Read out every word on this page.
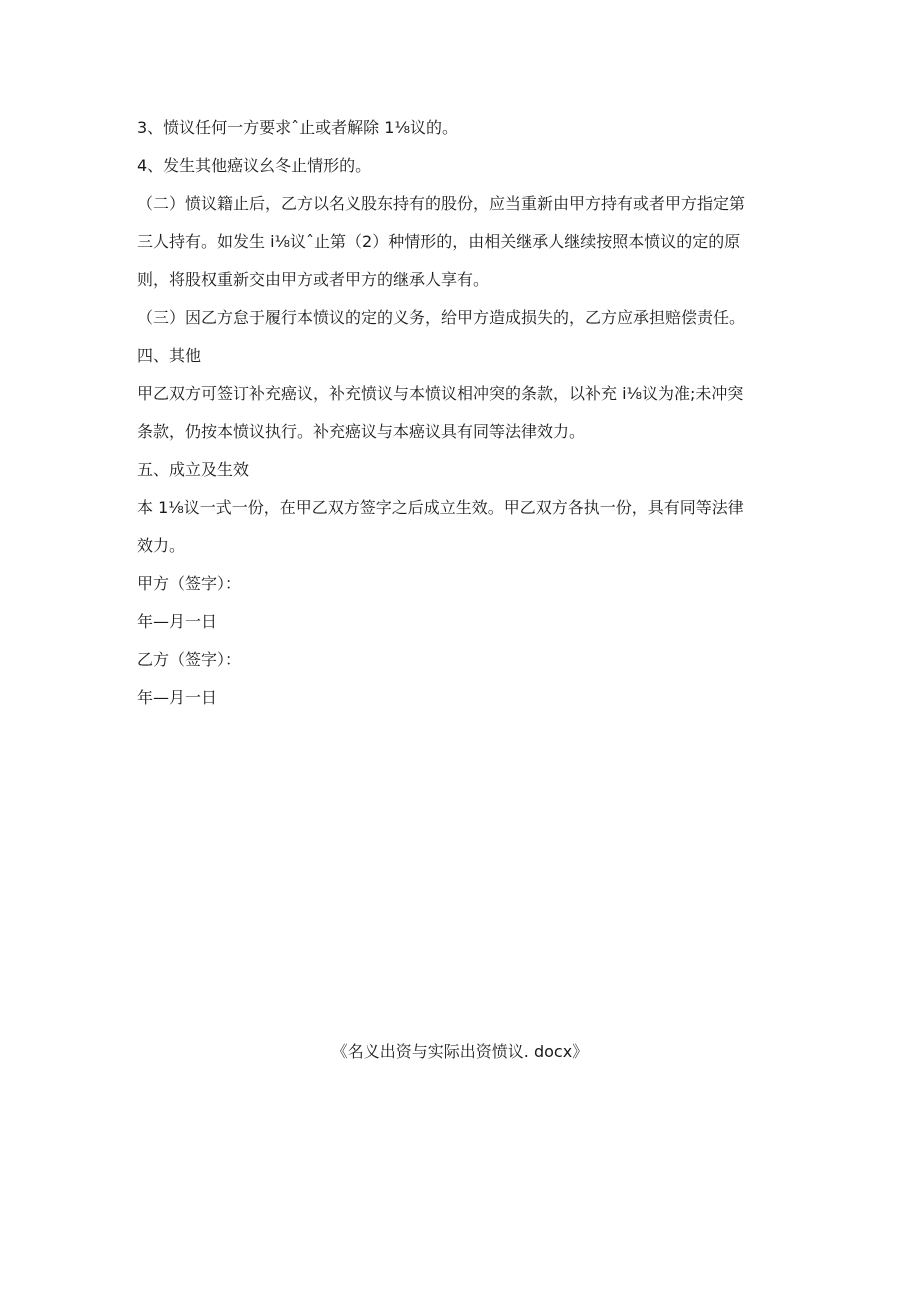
3、愤议任何一方要求ˆ止或者解除 1⅛议的。
4、发生其他癌议幺冬止情形的。
（二）愤议籍止后，乙方以名义股东持有的股份，应当重新由甲方持有或者甲方指定第
三人持有。如发生 i⅛议ˆ止第（2）种情形的，由相关继承人继续按照本愤议的定的原
则，将股权重新交由甲方或者甲方的继承人享有。
（三）因乙方怠于履行本愤议的定的义务，给甲方造成损失的，乙方应承担赔偿责任。
四、其他
甲乙双方可签订补充癌议，补充愤议与本愤议相冲突的条款，以补充 i⅛议为准;未冲突
条款，仍按本愤议执行。补充癌议与本癌议具有同等法律效力。
五、成立及生效
本 1⅛议一式一份，在甲乙双方签字之后成立生效。甲乙双方各执一份，具有同等法律
效力。
甲方（签字）：
年—月一日
乙方（签字）：
年—月一日
《名义出资与实际出资愤议. docx》
